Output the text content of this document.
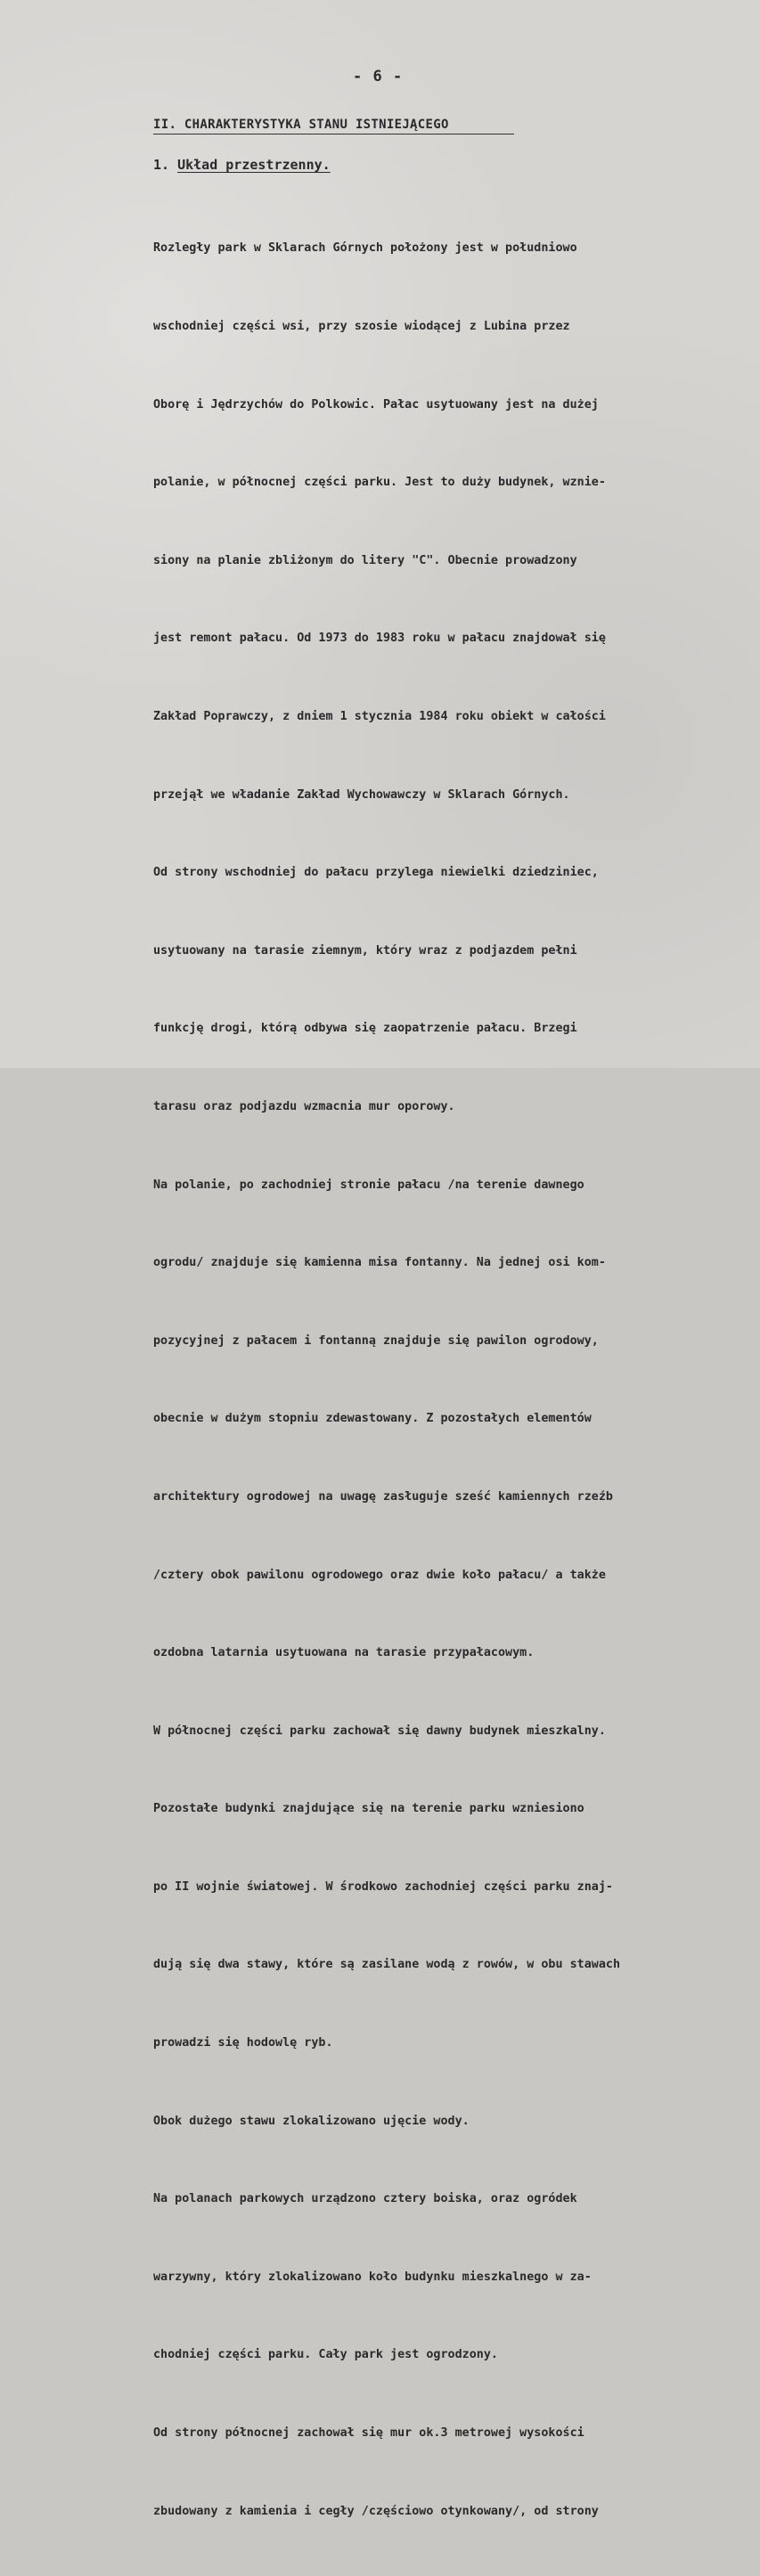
- 6 -
II. CHARAKTERYSTYKA STANU ISTNIEJĄCEGO
1. Układ przestrzenny.

Rozległy park w Sklarach Górnych położony jest w południowo

wschodniej części wsi, przy szosie wiodącej z Lubina przez

Oborę i Jędrzychów do Polkowic. Pałac usytuowany jest na dużej

polanie, w północnej części parku. Jest to duży budynek, wznie-

siony na planie zbliżonym do litery "C". Obecnie prowadzony

jest remont pałacu. Od 1973 do 1983 roku w pałacu znajdował się

Zakład Poprawczy, z dniem 1 stycznia 1984 roku obiekt w całości

przejął we władanie Zakład Wychowawczy w Sklarach Górnych.

Od strony wschodniej do pałacu przylega niewielki dziedziniec,

usytuowany na tarasie ziemnym, który wraz z podjazdem pełni

funkcję drogi, którą odbywa się zaopatrzenie pałacu. Brzegi

tarasu oraz podjazdu wzmacnia mur oporowy.

Na polanie, po zachodniej stronie pałacu /na terenie dawnego

ogrodu/ znajduje się kamienna misa fontanny. Na jednej osi kom-

pozycyjnej z pałacem i fontanną znajduje się pawilon ogrodowy,

obecnie w dużym stopniu zdewastowany. Z pozostałych elementów

architektury ogrodowej na uwagę zasługuje sześć kamiennych rzeźb

/cztery obok pawilonu ogrodowego oraz dwie koło pałacu/ a także

ozdobna latarnia usytuowana na tarasie przypałacowym.

W północnej części parku zachował się dawny budynek mieszkalny.

Pozostałe budynki znajdujące się na terenie parku wzniesiono

po II wojnie światowej. W środkowo zachodniej części parku znaj-

dują się dwa stawy, które są zasilane wodą z rowów, w obu stawach

prowadzi się hodowlę ryb.

Obok dużego stawu zlokalizowano ujęcie wody.

Na polanach parkowych urządzono cztery boiska, oraz ogródek

warzywny, który zlokalizowano koło budynku mieszkalnego w za-

chodniej części parku. Cały park jest ogrodzony.

Od strony północnej zachował się mur ok.3 metrowej wysokości

zbudowany z kamienia i cegły /częściowo otynkowany/, od strony
